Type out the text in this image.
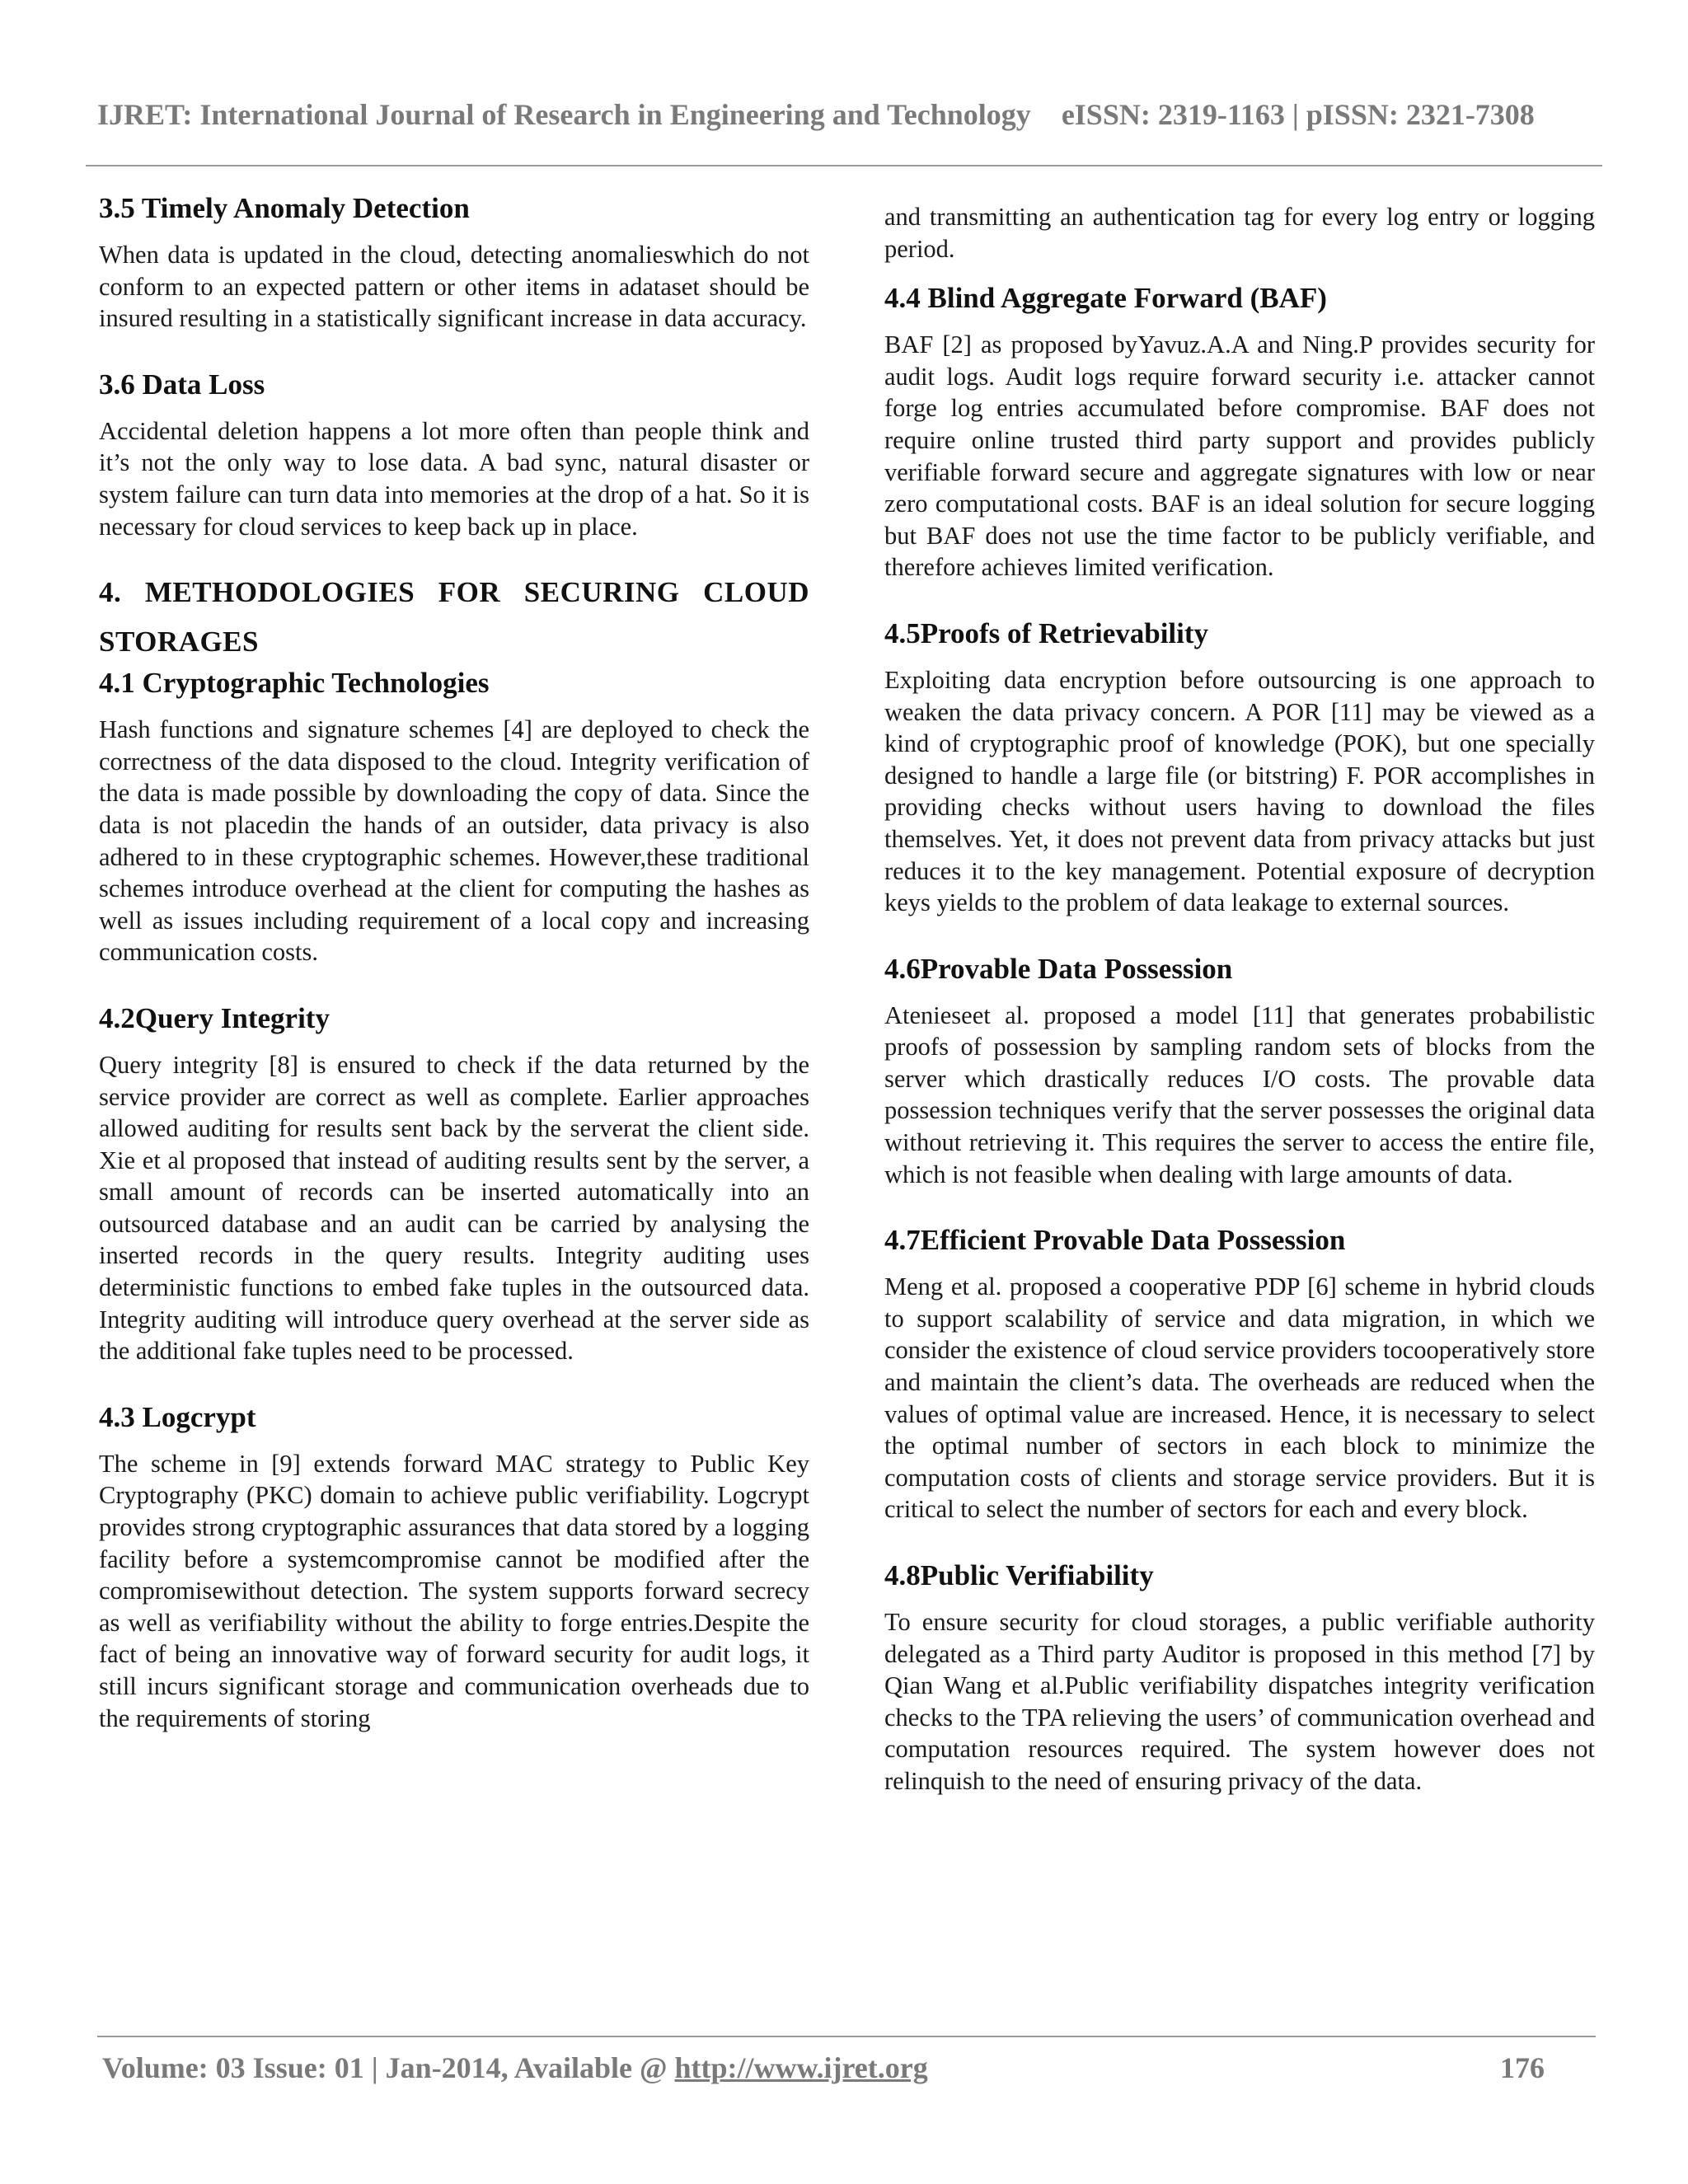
IJRET: International Journal of Research in Engineering and Technology eISSN: 2319-1163 | pISSN: 2321-7308
3.5 Timely Anomaly Detection

When data is updated in the cloud, detecting anomalieswhich do not conform to an expected pattern or other items in adataset should be insured resulting in a statistically significant increase in data accuracy.

3.6 Data Loss

Accidental deletion happens a lot more often than people think and it’s not the only way to lose data. A bad sync, natural disaster or system failure can turn data into memories at the drop of a hat. So it is necessary for cloud services to keep back up in place.

4. METHODOLOGIES FOR SECURING CLOUD
STORAGES
4.1 Cryptographic Technologies

Hash functions and signature schemes [4] are deployed to check the correctness of the data disposed to the cloud. Integrity verification of the data is made possible by downloading the copy of data. Since the data is not placedin the hands of an outsider, data privacy is also adhered to in these cryptographic schemes. However,these traditional schemes introduce overhead at the client for computing the hashes as well as issues including requirement of a local copy and increasing communication costs.

4.2Query Integrity

Query integrity [8] is ensured to check if the data returned by the service provider are correct as well as complete. Earlier approaches allowed auditing for results sent back by the serverat the client side. Xie et al proposed that instead of auditing results sent by the server, a small amount of records can be inserted automatically into an outsourced database and an audit can be carried by analysing the inserted records in the query results. Integrity auditing uses deterministic functions to embed fake tuples in the outsourced data. Integrity auditing will introduce query overhead at the server side as the additional fake tuples need to be processed.

4.3 Logcrypt

The scheme in [9] extends forward MAC strategy to Public Key Cryptography (PKC) domain to achieve public verifiability. Logcrypt provides strong cryptographic assurances that data stored by a logging facility before a systemcompromise cannot be modified after the compromisewithout detection. The system supports forward secrecy as well as verifiability without the ability to forge entries.Despite the fact of being an innovative way of forward security for audit logs, it still incurs significant storage and communication overheads due to the requirements of storing

and transmitting an authentication tag for every log entry or logging period.

4.4 Blind Aggregate Forward (BAF)

BAF [2] as proposed byYavuz.A.A and Ning.P provides security for audit logs. Audit logs require forward security i.e. attacker cannot forge log entries accumulated before compromise. BAF does not require online trusted third party support and provides publicly verifiable forward secure and aggregate signatures with low or near zero computational costs. BAF is an ideal solution for secure logging but BAF does not use the time factor to be publicly verifiable, and therefore achieves limited verification.

4.5Proofs of Retrievability

Exploiting data encryption before outsourcing is one approach to weaken the data privacy concern. A POR [11] may be viewed as a kind of cryptographic proof of knowledge (POK), but one specially designed to handle a large file (or bitstring) F. POR accomplishes in providing checks without users having to download the files themselves. Yet, it does not prevent data from privacy attacks but just reduces it to the key management. Potential exposure of decryption keys yields to the problem of data leakage to external sources.

4.6Provable Data Possession

Atenieseet al. proposed a model [11] that generates probabilistic proofs of possession by sampling random sets of blocks from the server which drastically reduces I/O costs. The provable data possession techniques verify that the server possesses the original data without retrieving it. This requires the server to access the entire file, which is not feasible when dealing with large amounts of data.

4.7Efficient Provable Data Possession

Meng et al. proposed a cooperative PDP [6] scheme in hybrid clouds to support scalability of service and data migration, in which we consider the existence of cloud service providers tocooperatively store and maintain the client’s data. The overheads are reduced when the values of optimal value are increased. Hence, it is necessary to select the optimal number of sectors in each block to minimize the computation costs of clients and storage service providers. But it is critical to select the number of sectors for each and every block.

4.8Public Verifiability

To ensure security for cloud storages, a public verifiable authority delegated as a Third party Auditor is proposed in this method [7] by Qian Wang et al.Public verifiability dispatches integrity verification checks to the TPA relieving the users’ of communication overhead and computation resources required. The system however does not relinquish to the need of ensuring privacy of the data.

Volume: 03 Issue: 01 | Jan-2014, Available @ http://www.ijret.org	176
